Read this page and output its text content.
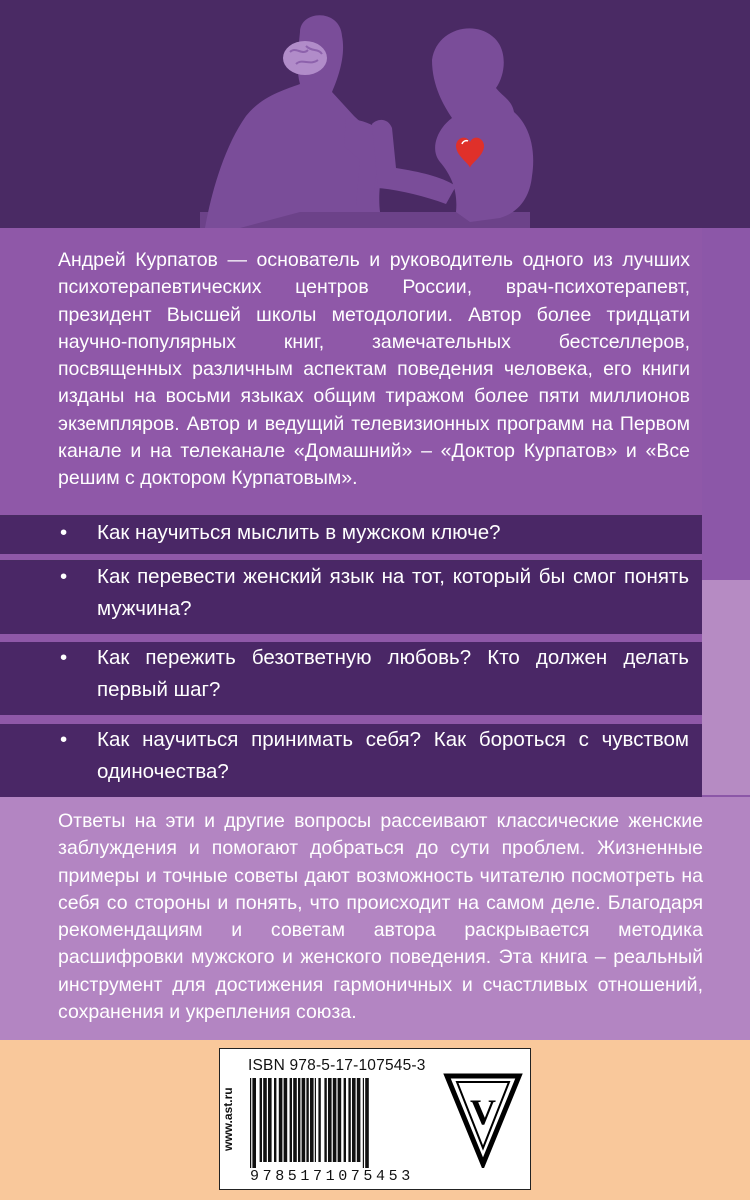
Андрей Курпатов — основатель и руководитель одного из лучших психотерапевтических центров России, врач-психотерапевт, президент Высшей школы методологии. Автор более тридцати научно-популярных книг, замечательных бестселлеров, посвященных различным аспектам поведения человека, его книги изданы на восьми языках общим тиражом более пяти миллионов экземпляров. Автор и ведущий телевизионных программ на Первом канале и на телеканале «Домашний» – «Доктор Курпатов» и «Все решим с доктором Курпатовым».

• Как научиться мыслить в мужском ключе?

• Как перевести женский язык на тот, который бы смог понять мужчина?

• Как пережить безответную любовь? Кто должен делать первый шаг?

• Как научиться принимать себя? Как бороться с чувством одиночества?

Ответы на эти и другие вопросы рассеивают классические женские заблуждения и помогают добраться до сути проблем. Жизненные примеры и точные советы дают возможность читателю посмотреть на себя со стороны и понять, что происходит на самом деле. Благодаря рекомендациям и советам автора раскрывается методика расшифровки мужского и женского поведения. Эта книга – реальный инструмент для достижения гармоничных и счастливых отношений, сохранения и укрепления союза.

www.ast.ru
ISBN 978-5-17-107545-3
9785171075453
V
